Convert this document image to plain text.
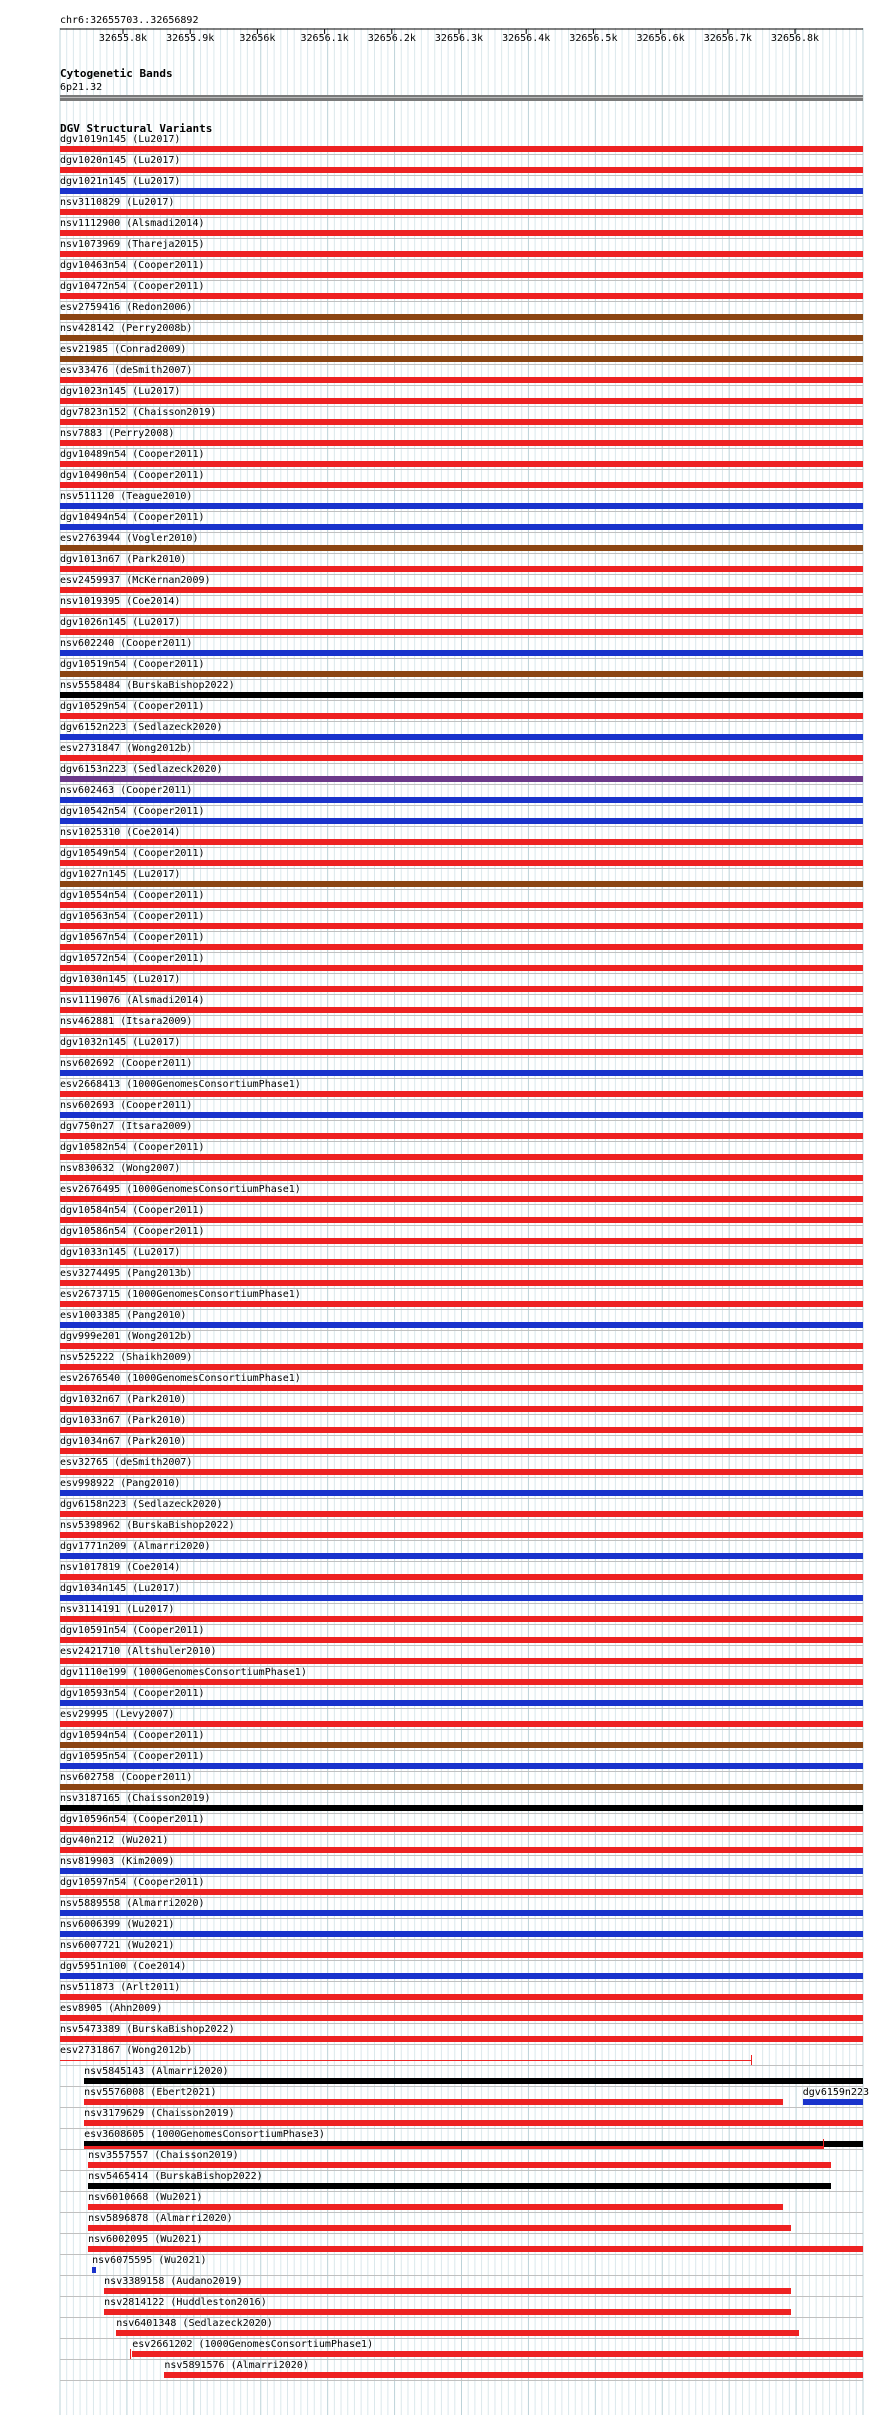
chr6:32655703..32656892
32655.8k 32655.9k	32656k	32656.1k 32656.2k 32656.3k 32656.4k 32656.5k 32656.6k 32656.7k 32656.8k
Cytogenetic Bands
6p21.32
DGV Structural Variants
dgv1019n145 (Lu2017)
dgv1020n145 (Lu2017)
dgv1021n145 (Lu2017)
nsv3110829 (Lu2017)
nsv1112900 (Alsmadi2014)
nsv1073969 (Thareja2015)
dgv10463n54 (Cooper2011)
dgv10472n54 (Cooper2011)
esv2759416 (Redon2006)
nsv428142 (Perry2008b)
esv21985 (Conrad2009)
esv33476 (deSmith2007)
dgv1023n145 (Lu2017)
dgv7823n152 (Chaisson2019)
nsv7883 (Perry2008)
dgv10489n54 (Cooper2011)
dgv10490n54 (Cooper2011)
nsv511120 (Teague2010)
dgv10494n54 (Cooper2011)
esv2763944 (Vogler2010)
dgv1013n67 (Park2010)
esv2459937 (McKernan2009)
nsv1019395 (Coe2014)
dgv1026n145 (Lu2017)
nsv602240 (Cooper2011)
dgv10519n54 (Cooper2011)
nsv5558484 (BurskaBishop2022)
dgv10529n54 (Cooper2011)
dgv6152n223 (Sedlazeck2020)
esv2731847 (Wong2012b)
dgv6153n223 (Sedlazeck2020)
nsv602463 (Cooper2011)
dgv10542n54 (Cooper2011)
nsv1025310 (Coe2014)
dgv10549n54 (Cooper2011)
dgv1027n145 (Lu2017)
dgv10554n54 (Cooper2011)
dgv10563n54 (Cooper2011)
dgv10567n54 (Cooper2011)
dgv10572n54 (Cooper2011)
dgv1030n145 (Lu2017)
nsv1119076 (Alsmadi2014)
nsv462881 (Itsara2009)
dgv1032n145 (Lu2017)
nsv602692 (Cooper2011)
esv2668413 (1000GenomesConsortiumPhase1)
nsv602693 (Cooper2011)
dgv750n27 (Itsara2009)
dgv10582n54 (Cooper2011)
nsv830632 (Wong2007)
esv2676495 (1000GenomesConsortiumPhase1)
dgv10584n54 (Cooper2011)
dgv10586n54 (Cooper2011)
dgv1033n145 (Lu2017)
esv3274495 (Pang2013b)
esv2673715 (1000GenomesConsortiumPhase1)
esv1003385 (Pang2010)
dgv999e201 (Wong2012b)
nsv525222 (Shaikh2009)
esv2676540 (1000GenomesConsortiumPhase1)
dgv1032n67 (Park2010)
dgv1033n67 (Park2010)
dgv1034n67 (Park2010)
esv32765 (deSmith2007)
esv998922 (Pang2010)
dgv6158n223 (Sedlazeck2020)
nsv5398962 (BurskaBishop2022)
dgv1771n209 (Almarri2020)
nsv1017819 (Coe2014)
dgv1034n145 (Lu2017)
nsv3114191 (Lu2017)
dgv10591n54 (Cooper2011)
esv2421710 (Altshuler2010)
dgv1110e199 (1000GenomesConsortiumPhase1)
dgv10593n54 (Cooper2011)
esv29995 (Levy2007)
dgv10594n54 (Cooper2011)
dgv10595n54 (Cooper2011)
nsv602758 (Cooper2011)
nsv3187165 (Chaisson2019)
dgv10596n54 (Cooper2011)
dgv40n212 (Wu2021)
nsv819903 (Kim2009)
dgv10597n54 (Cooper2011)
nsv5889558 (Almarri2020)
nsv6006399 (Wu2021)
nsv6007721 (Wu2021)
dgv5951n100 (Coe2014)
nsv511873 (Arlt2011)
esv8905 (Ahn2009)
nsv5473389 (BurskaBishop2022)
esv2731867 (Wong2012b)
nsv5845143 (Almarri2020)
nsv5576008 (Ebert2021)	dgv6159n223
nsv3179629 (Chaisson2019)
esv3608605 (1000GenomesConsortiumPhase3)
nsv3557557 (Chaisson2019)
nsv5465414 (BurskaBishop2022)
nsv6010668 (Wu2021)
nsv5896878 (Almarri2020)
nsv6002095 (Wu2021)
nsv6075595 (Wu2021)
nsv3389158 (Audano2019)
nsv2814122 (Huddleston2016)
nsv6401348 (Sedlazeck2020)
esv2661202 (1000GenomesConsortiumPhase1)
nsv5891576 (Almarri2020)
